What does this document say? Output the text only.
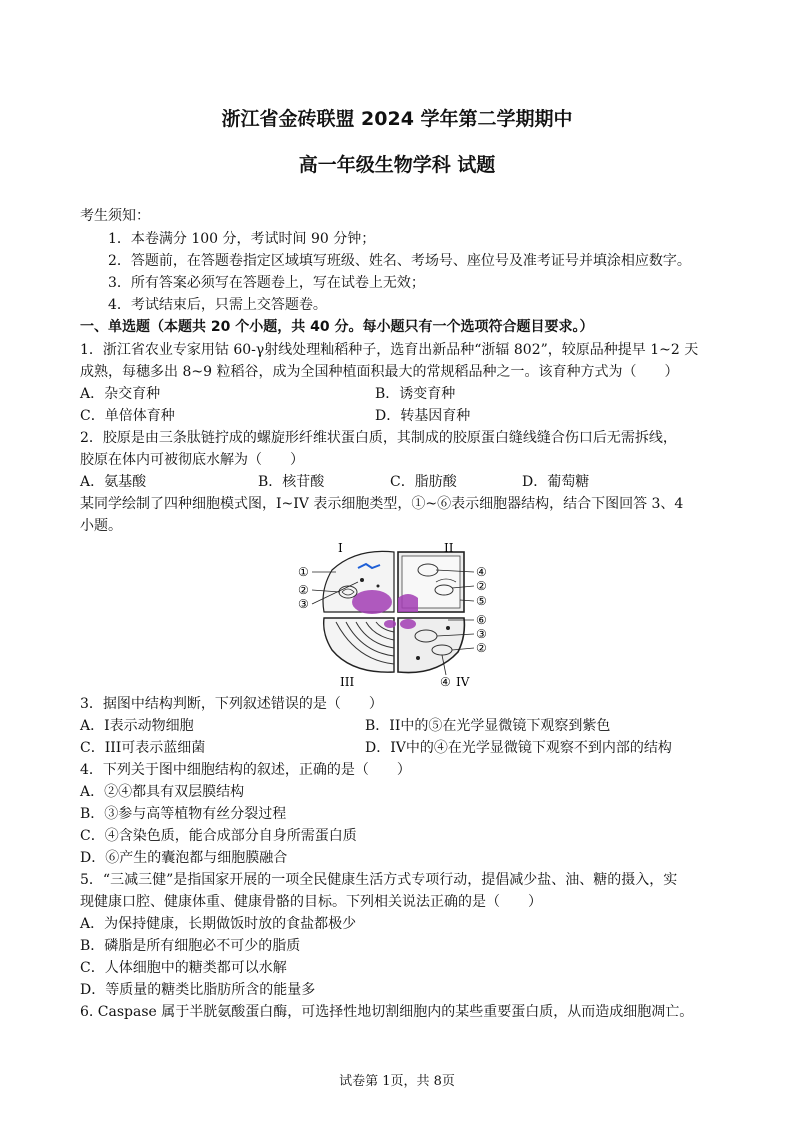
浙江省金砖联盟 2024 学年第二学期期中
高一年级生物学科 试题
考生须知：
1．本卷满分 100 分，考试时间 90 分钟；
2．答题前，在答题卷指定区域填写班级、姓名、考场号、座位号及准考证号并填涂相应数字。
3．所有答案必须写在答题卷上，写在试卷上无效；
4．考试结束后，只需上交答题卷。
一、单选题（本题共 20 个小题，共 40 分。每小题只有一个选项符合题目要求。）
1．浙江省农业专家用钴 60-γ射线处理籼稻种子，选育出新品种“浙辐 802”，较原品种提早 1~2 天
成熟，每穗多出 8~9 粒稻谷，成为全国种植面积最大的常规稻品种之一。该育种方式为（　　）
A．杂交育种	B．诱变育种
C．单倍体育种	D．转基因育种
2．胶原是由三条肽链拧成的螺旋形纤维状蛋白质，其制成的胶原蛋白缝线缝合伤口后无需拆线，
胶原在体内可被彻底水解为（　　）
A．氨基酸	B．核苷酸	C．脂肪酸	D．葡萄糖
某同学绘制了四种细胞模式图，I~IV 表示细胞类型，①~⑥表示细胞器结构，结合下图回答 3、4
小题。
I	II
III	IV
①
②
③
④
②
⑤
⑥
③
②
④
3．据图中结构判断，下列叙述错误的是（　　）
A．I表示动物细胞	B．II中的⑤在光学显微镜下观察到紫色
C．III可表示蓝细菌	D．IV中的④在光学显微镜下观察不到内部的结构
4．下列关于图中细胞结构的叙述，正确的是（　　）
A．②④都具有双层膜结构
B．③参与高等植物有丝分裂过程
C．④含染色质，能合成部分自身所需蛋白质
D．⑥产生的囊泡都与细胞膜融合
5．“三减三健”是指国家开展的一项全民健康生活方式专项行动，提倡减少盐、油、糖的摄入，实
现健康口腔、健康体重、健康骨骼的目标。下列相关说法正确的是（　　）
A．为保持健康，长期做饭时放的食盐都极少
B．磷脂是所有细胞必不可少的脂质
C．人体细胞中的糖类都可以水解
D．等质量的糖类比脂肪所含的能量多
6. Caspase 属于半胱氨酸蛋白酶，可选择性地切割细胞内的某些重要蛋白质，从而造成细胞凋亡。
试卷第 1页，共 8页
